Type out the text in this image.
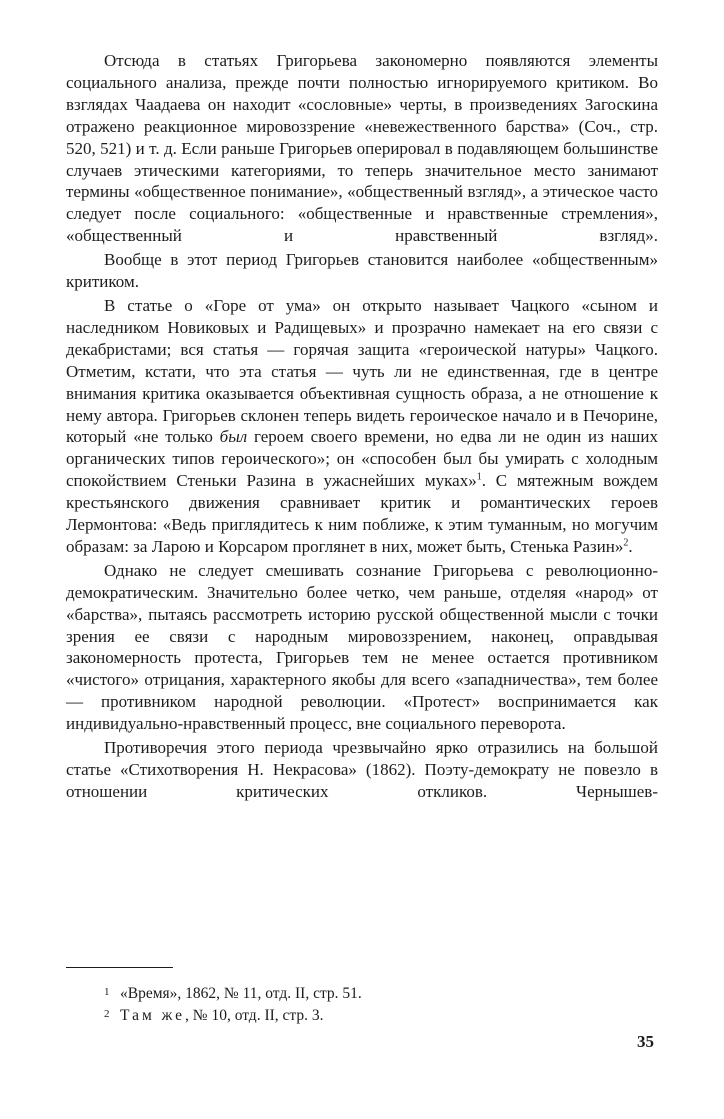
Отсюда в статьях Григорьева закономерно появляются элементы социального анализа, прежде почти полностью игнорируемого критиком. Во взглядах Чаадаева он находит «сословные» черты, в произведениях Загоскина отражено реакционное мировоззрение «невежественного барства» (Соч., стр. 520, 521) и т. д. Если раньше Григорьев оперировал в подавляющем большинстве случаев этическими категориями, то теперь значительное место занимают термины «общественное понимание», «общественный взгляд», а этическое часто следует после социального: «общественные и нравственные стремления», «общественный и нравственный взгляд».

Вообще в этот период Григорьев становится наиболее «общественным» критиком.

В статье о «Горе от ума» он открыто называет Чацкого «сыном и наследником Новиковых и Радищевых» и прозрачно намекает на его связи с декабристами; вся статья — горячая защита «героической натуры» Чацкого. Отметим, кстати, что эта статья — чуть ли не единственная, где в центре внимания критика оказывается объективная сущность образа, а не отношение к нему автора. Григорьев склонен теперь видеть героическое начало и в Печорине, который «не только был героем своего времени, но едва ли не один из наших органических типов героического»; он «способен был бы умирать с холодным спокойствием Стеньки Разина в ужаснейших муках»$^1$. С мятежным вождем крестьянского движения сравнивает критик и романтических героев Лермонтова: «Ведь приглядитесь к ним поближе, к этим туманным, но могучим образам: за Ларою и Корсаром проглянет в них, может быть, Стенька Разин»$^2$.

Однако не следует смешивать сознание Григорьева с революционно-демократическим. Значительно более четко, чем раньше, отделяя «народ» от «барства», пытаясь рассмотреть историю русской общественной мысли с точки зрения ее связи с народным мировоззрением, наконец, оправдывая закономерность протеста, Григорьев тем не менее остается противником «чистого» отрицания, характерного якобы для всего «западничества», тем более — противником народной революции. «Протест» воспринимается как индивидуально-нравственный процесс, вне социального переворота.

Противоречия этого периода чрезвычайно ярко отразились на большой статье «Стихотворения Н. Некрасова» (1862). Поэту-демократу не повезло в отношении критических откликов. Чернышев-

1 «Время», 1862, № 11, отд. II, стр. 51.
2 Там же, № 10, отд. II, стр. 3.
35
